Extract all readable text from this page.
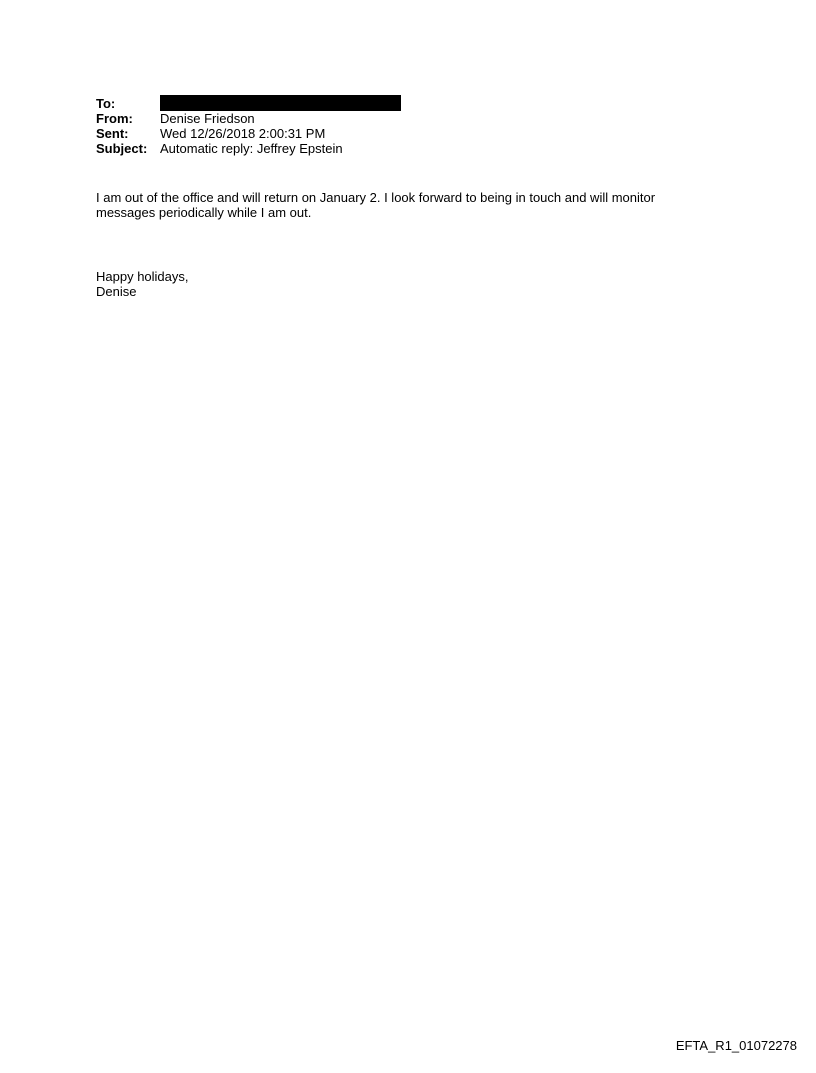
To:
From:	Denise Friedson
Sent:	Wed 12/26/2018 2:00:31 PM
Subject: Automatic reply: Jeffrey Epstein
I am out of the office and will return on January 2. I look forward to being in touch and will monitor messages periodically while I am out.
Happy holidays,
Denise
EFTA_R1_01072278
